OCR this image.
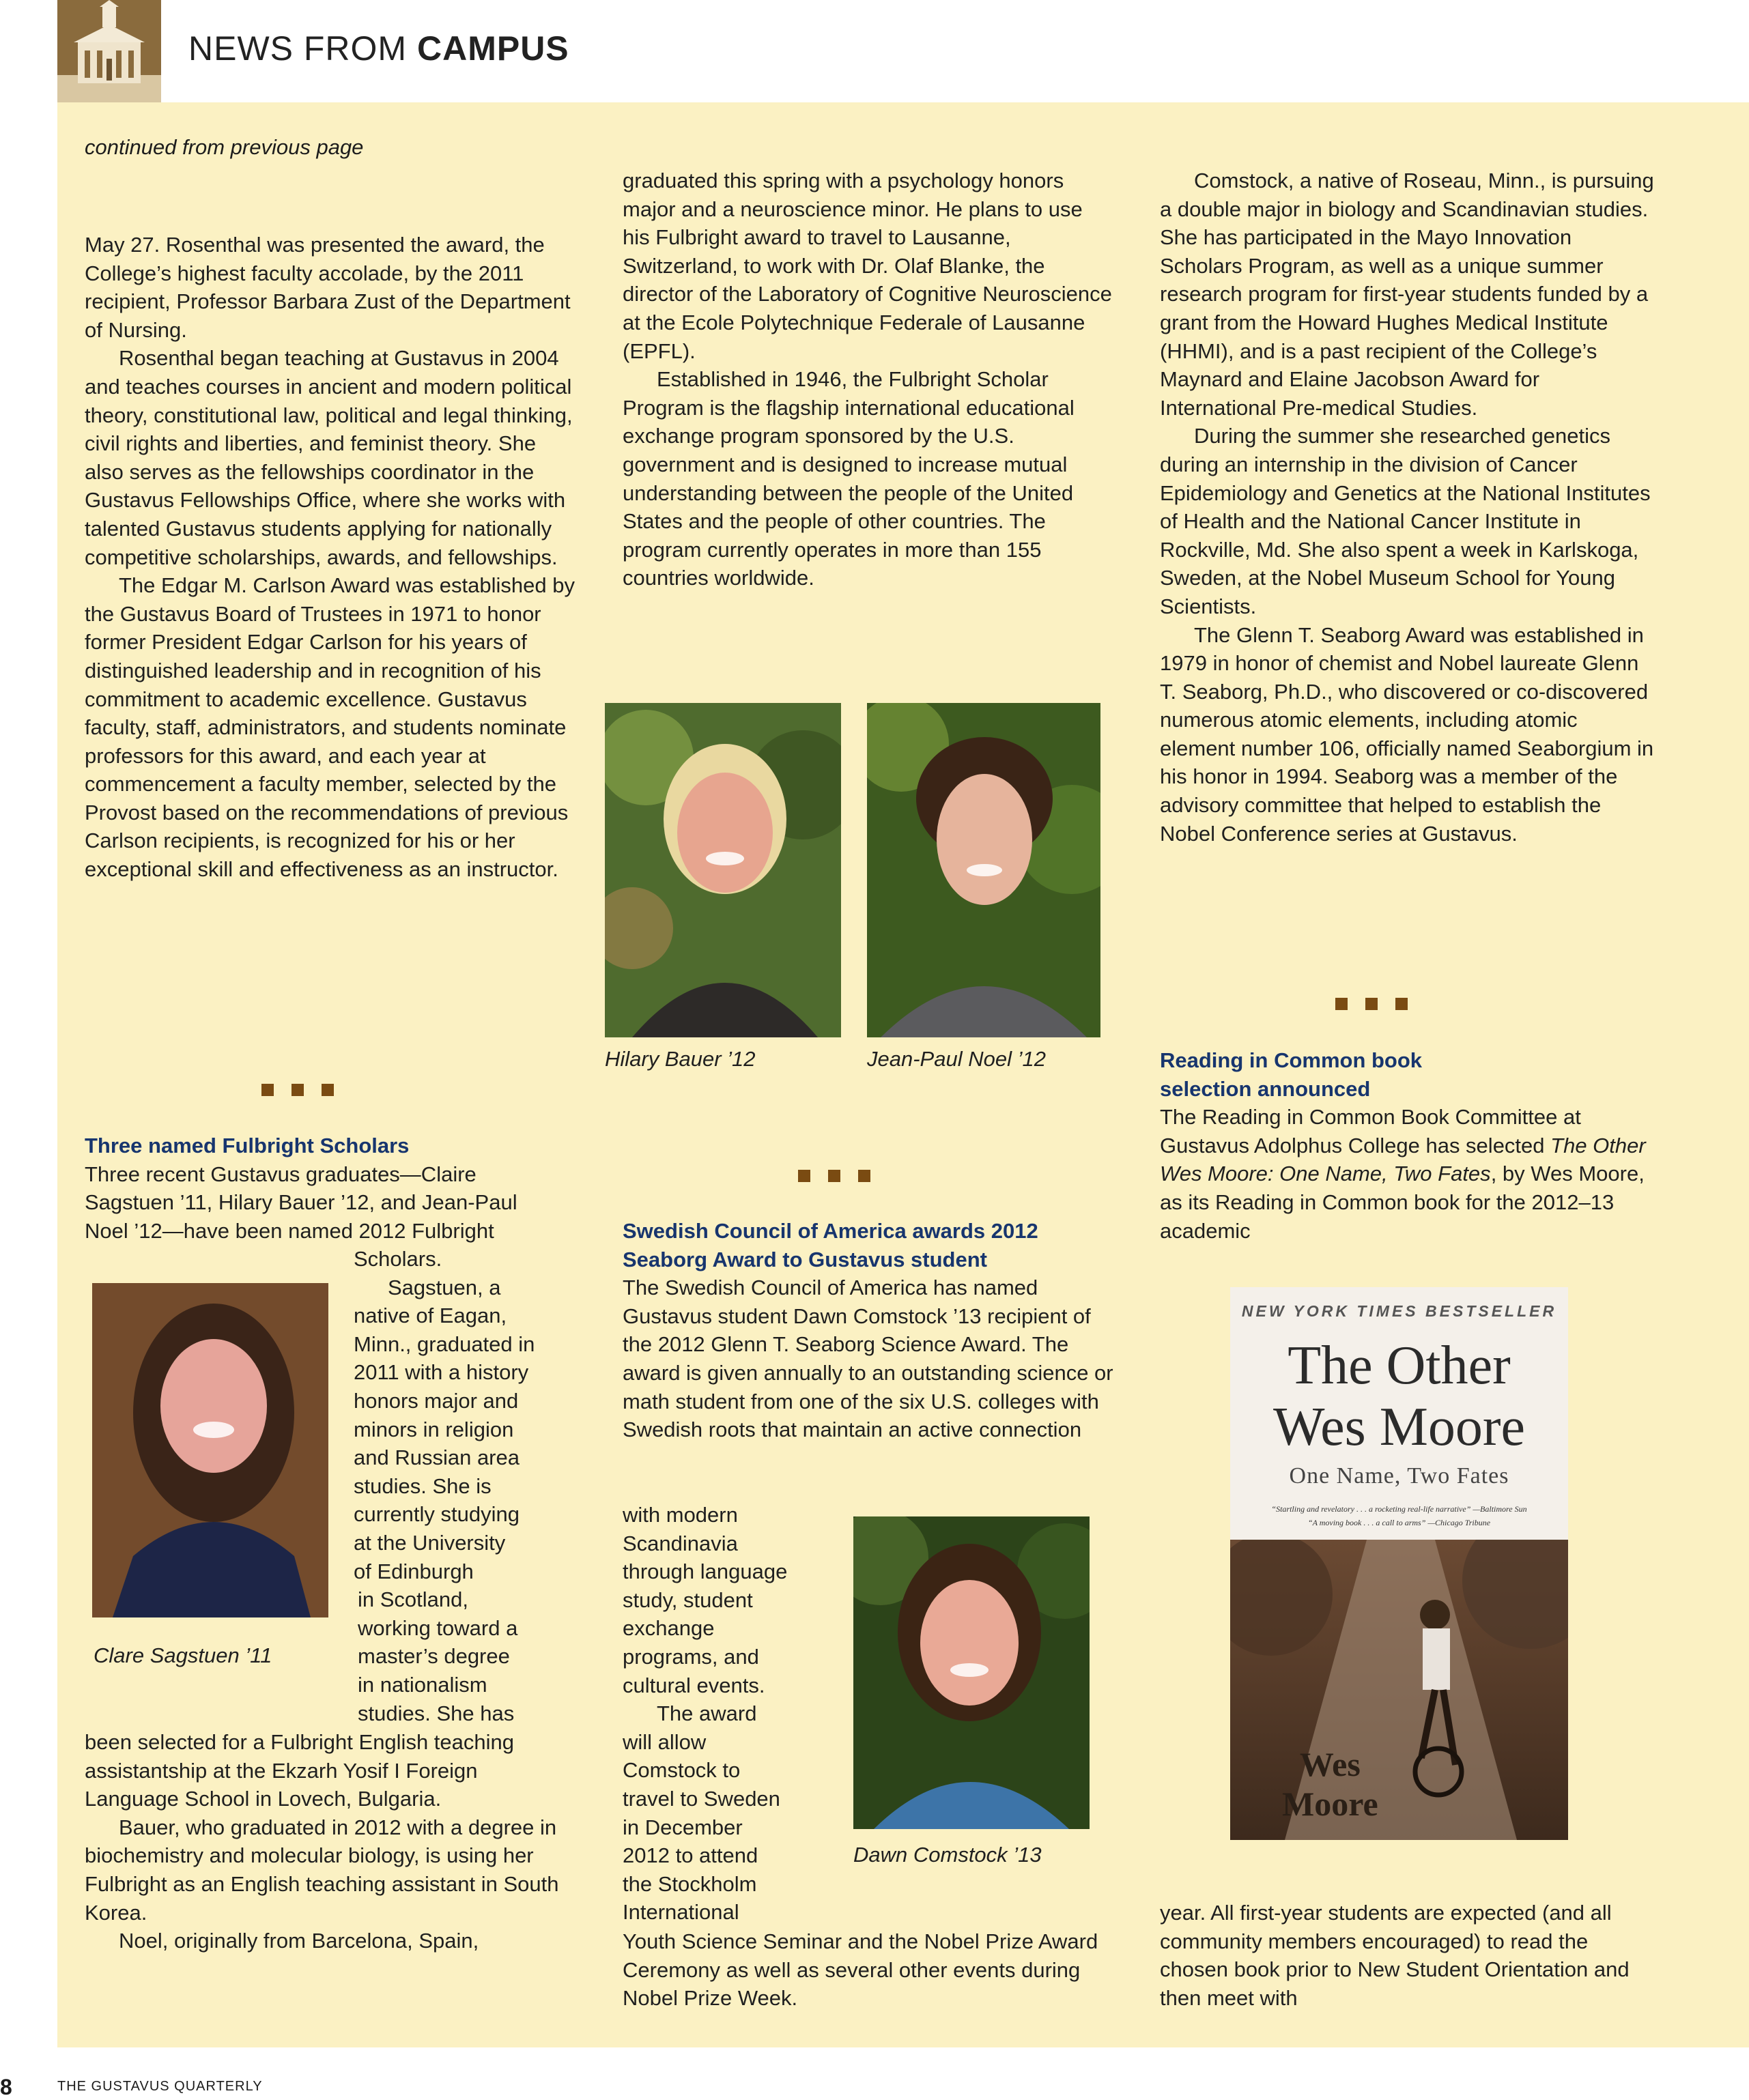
NEWS FROM CAMPUS
continued from previous page

May 27. Rosenthal was presented the award, the College’s highest faculty accolade, by the 2011 recipient, Professor Barbara Zust of the Department of Nursing.

Rosenthal began teaching at Gustavus in 2004 and teaches courses in ancient and modern political theory, constitutional law, political and legal thinking, civil rights and liberties, and feminist theory. She also serves as the fellowships coordinator in the Gustavus Fellowships Office, where she works with talented Gustavus students applying for nationally competitive scholarships, awards, and fellowships.

The Edgar M. Carlson Award was established by the Gustavus Board of Trustees in 1971 to honor former President Edgar Carlson for his years of distinguished leadership and in recognition of his commitment to academic excellence. Gustavus faculty, staff, administrators, and students nominate professors for this award, and each year at commencement a faculty member, selected by the Provost based on the recommendations of previous Carlson recipients, is recognized for his or her exceptional skill and effectiveness as an instructor.

Three named Fulbright Scholars

Three recent Gustavus graduates—Claire

Sagstuen ’11, Hilary Bauer ’12, and Jean-Paul

Noel ’12—have been named 2012 Fulbright

Scholars.

Sagstuen, a

native of Eagan,

Minn., graduated in

2011 with a history

honors major and

minors in religion

and Russian area

studies. She is

currently studying

at the University

of Edinburgh

in Scotland,

working toward a

master’s degree

in nationalism

studies. She has

Clare Sagstuen ’11

been selected for a Fulbright English teaching assistantship at the Ekzarh Yosif I Foreign Language School in Lovech, Bulgaria.

Bauer, who graduated in 2012 with a degree in biochemistry and molecular biology, is using her Fulbright as an English teaching assistant in South Korea.

Noel, originally from Barcelona, Spain,

graduated this spring with a psychology honors major and a neuroscience minor. He plans to use his Fulbright award to travel to Lausanne, Switzerland, to work with Dr. Olaf Blanke, the director of the Laboratory of Cognitive Neuroscience at the Ecole Polytechnique Federale of Lausanne (EPFL).

Established in 1946, the Fulbright Scholar Program is the flagship international educational exchange program sponsored by the U.S. government and is designed to increase mutual understanding between the people of the United States and the people of other countries. The program currently operates in more than 155 countries worldwide.

Hilary Bauer ’12	Jean-Paul Noel ’12

Swedish Council of America awards 2012 Seaborg Award to Gustavus student

The Swedish Council of America has named Gustavus student Dawn Comstock ’13 recipient of the 2012 Glenn T. Seaborg Science Award. The award is given annually to an outstanding science or math student from one of the six U.S. colleges with Swedish roots that maintain an active connection

with modern

Scandinavia

through language

study, student

exchange

programs, and

cultural events.

The award

will allow

Comstock to

travel to Sweden

in December

2012 to attend

the Stockholm

International

Dawn Comstock ’13

Youth Science Seminar and the Nobel Prize Award Ceremony as well as several other events during Nobel Prize Week.

Comstock, a native of Roseau, Minn., is pursuing a double major in biology and Scandinavian studies. She has participated in the Mayo Innovation Scholars Program, as well as a unique summer research program for first-year students funded by a grant from the Howard Hughes Medical Institute (HHMI), and is a past recipient of the College’s Maynard and Elaine Jacobson Award for International Pre-medical Studies.

During the summer she researched genetics during an internship in the division of Cancer Epidemiology and Genetics at the National Institutes of Health and the National Cancer Institute in Rockville, Md. She also spent a week in Karlskoga, Sweden, at the Nobel Museum School for Young Scientists.

The Glenn T. Seaborg Award was established in 1979 in honor of chemist and Nobel laureate Glenn T. Seaborg, Ph.D., who discovered or co-discovered numerous atomic elements, including atomic element number 106, officially named Seaborgium in his honor in 1994. Seaborg was a member of the advisory committee that helped to establish the Nobel Conference series at Gustavus.

Reading in Common book selection announced

The Reading in Common Book Committee at Gustavus Adolphus College has selected The Other Wes Moore: One Name, Two Fates, by Wes Moore, as its Reading in Common book for the 2012–13 academic

NEW YORK TIMES BESTSELLER
The Other
Wes Moore
One Name, Two Fates
“Startling and revelatory . . . a rocketing real-life narrative” —Baltimore Sun
“A moving book . . . a call to arms” —Chicago Tribune
Wes
Moore

year. All first-year students are expected (and all community members encouraged) to read the chosen book prior to New Student Orientation and then meet with

8	THE GUSTAVUS QUARTERLY
